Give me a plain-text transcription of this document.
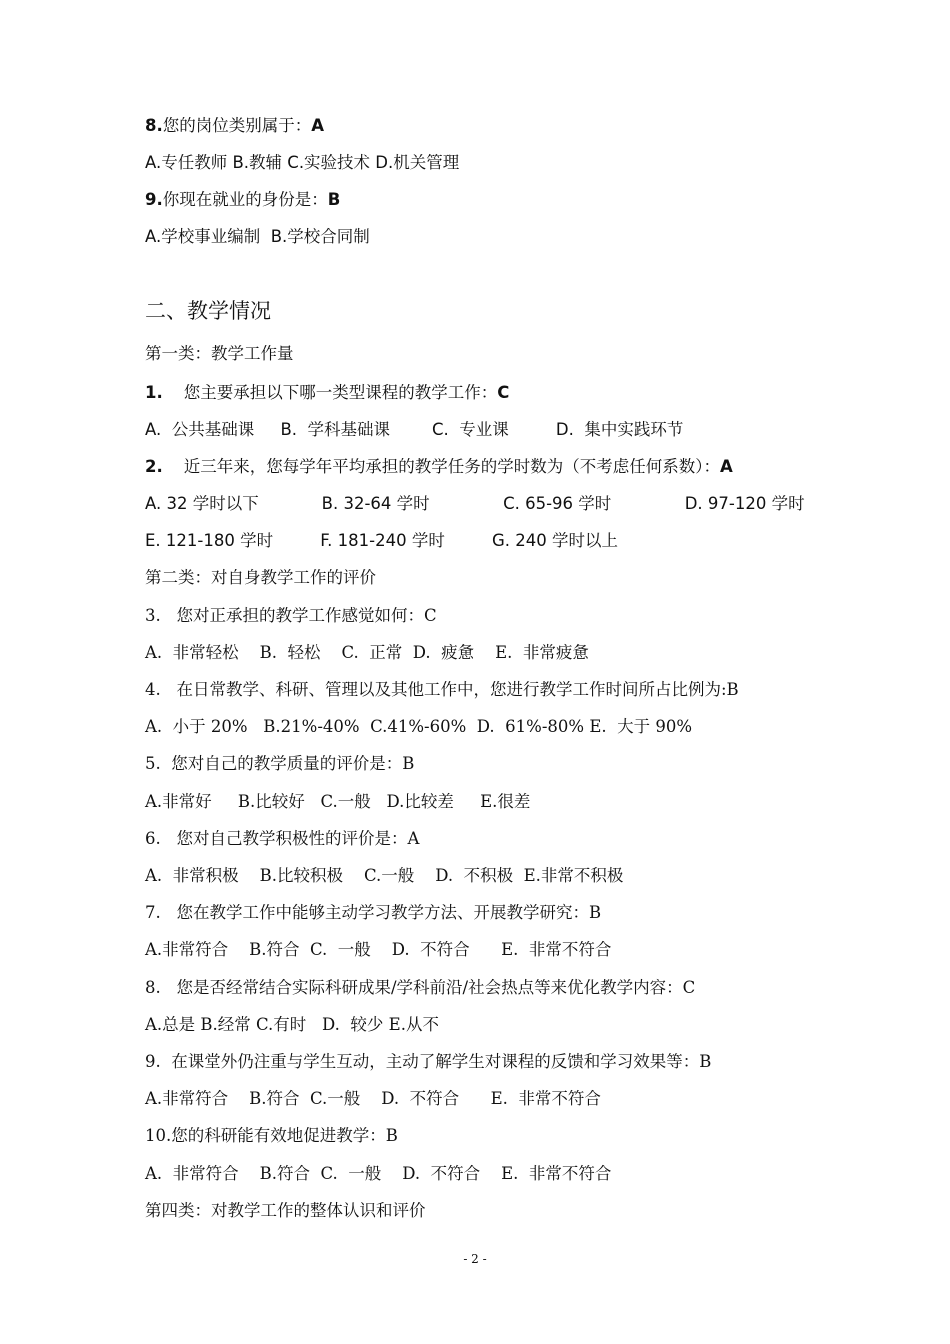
8.您的岗位类别属于：A
A.专任教师 B.教辅 C.实验技术 D.机关管理
9.你现在就业的身份是：B
A.学校事业编制  B.学校合同制
二、教学情况
第一类：教学工作量
1.    您主要承担以下哪一类型课程的教学工作：C
A.  公共基础课     B.  学科基础课        C.  专业课         D.  集中实践环节
2.    近三年来，您每学年平均承担的教学任务的学时数为（不考虑任何系数）：A
A. 32 学时以下            B. 32-64 学时              C. 65-96 学时              D. 97-120 学时
E. 121-180 学时         F. 181-240 学时         G. 240 学时以上
第二类：对自身教学工作的评价
3.   您对正承担的教学工作感觉如何：C
A.  非常轻松    B.  轻松    C.  正常  D.  疲惫    E.  非常疲惫
4.   在日常教学、科研、管理以及其他工作中，您进行教学工作时间所占比例为:B
A.  小于 20%   B.21%-40%  C.41%-60%  D.  61%-80% E.  大于 90%
5.  您对自己的教学质量的评价是：B
A.非常好     B.比较好   C.一般   D.比较差     E.很差
6.   您对自己教学积极性的评价是：A
A.  非常积极    B.比较积极    C.一般    D.  不积极  E.非常不积极
7.   您在教学工作中能够主动学习教学方法、开展教学研究：B
A.非常符合    B.符合  C.  一般    D.  不符合      E.  非常不符合
8.   您是否经常结合实际科研成果/学科前沿/社会热点等来优化教学内容：C
A.总是 B.经常 C.有时   D.  较少 E.从不
9.  在课堂外仍注重与学生互动，主动了解学生对课程的反馈和学习效果等：B
A.非常符合    B.符合  C.一般    D.  不符合      E.  非常不符合
10.您的科研能有效地促进教学：B
A.  非常符合    B.符合  C.  一般    D.  不符合    E.  非常不符合
第四类：对教学工作的整体认识和评价
- 2 -
